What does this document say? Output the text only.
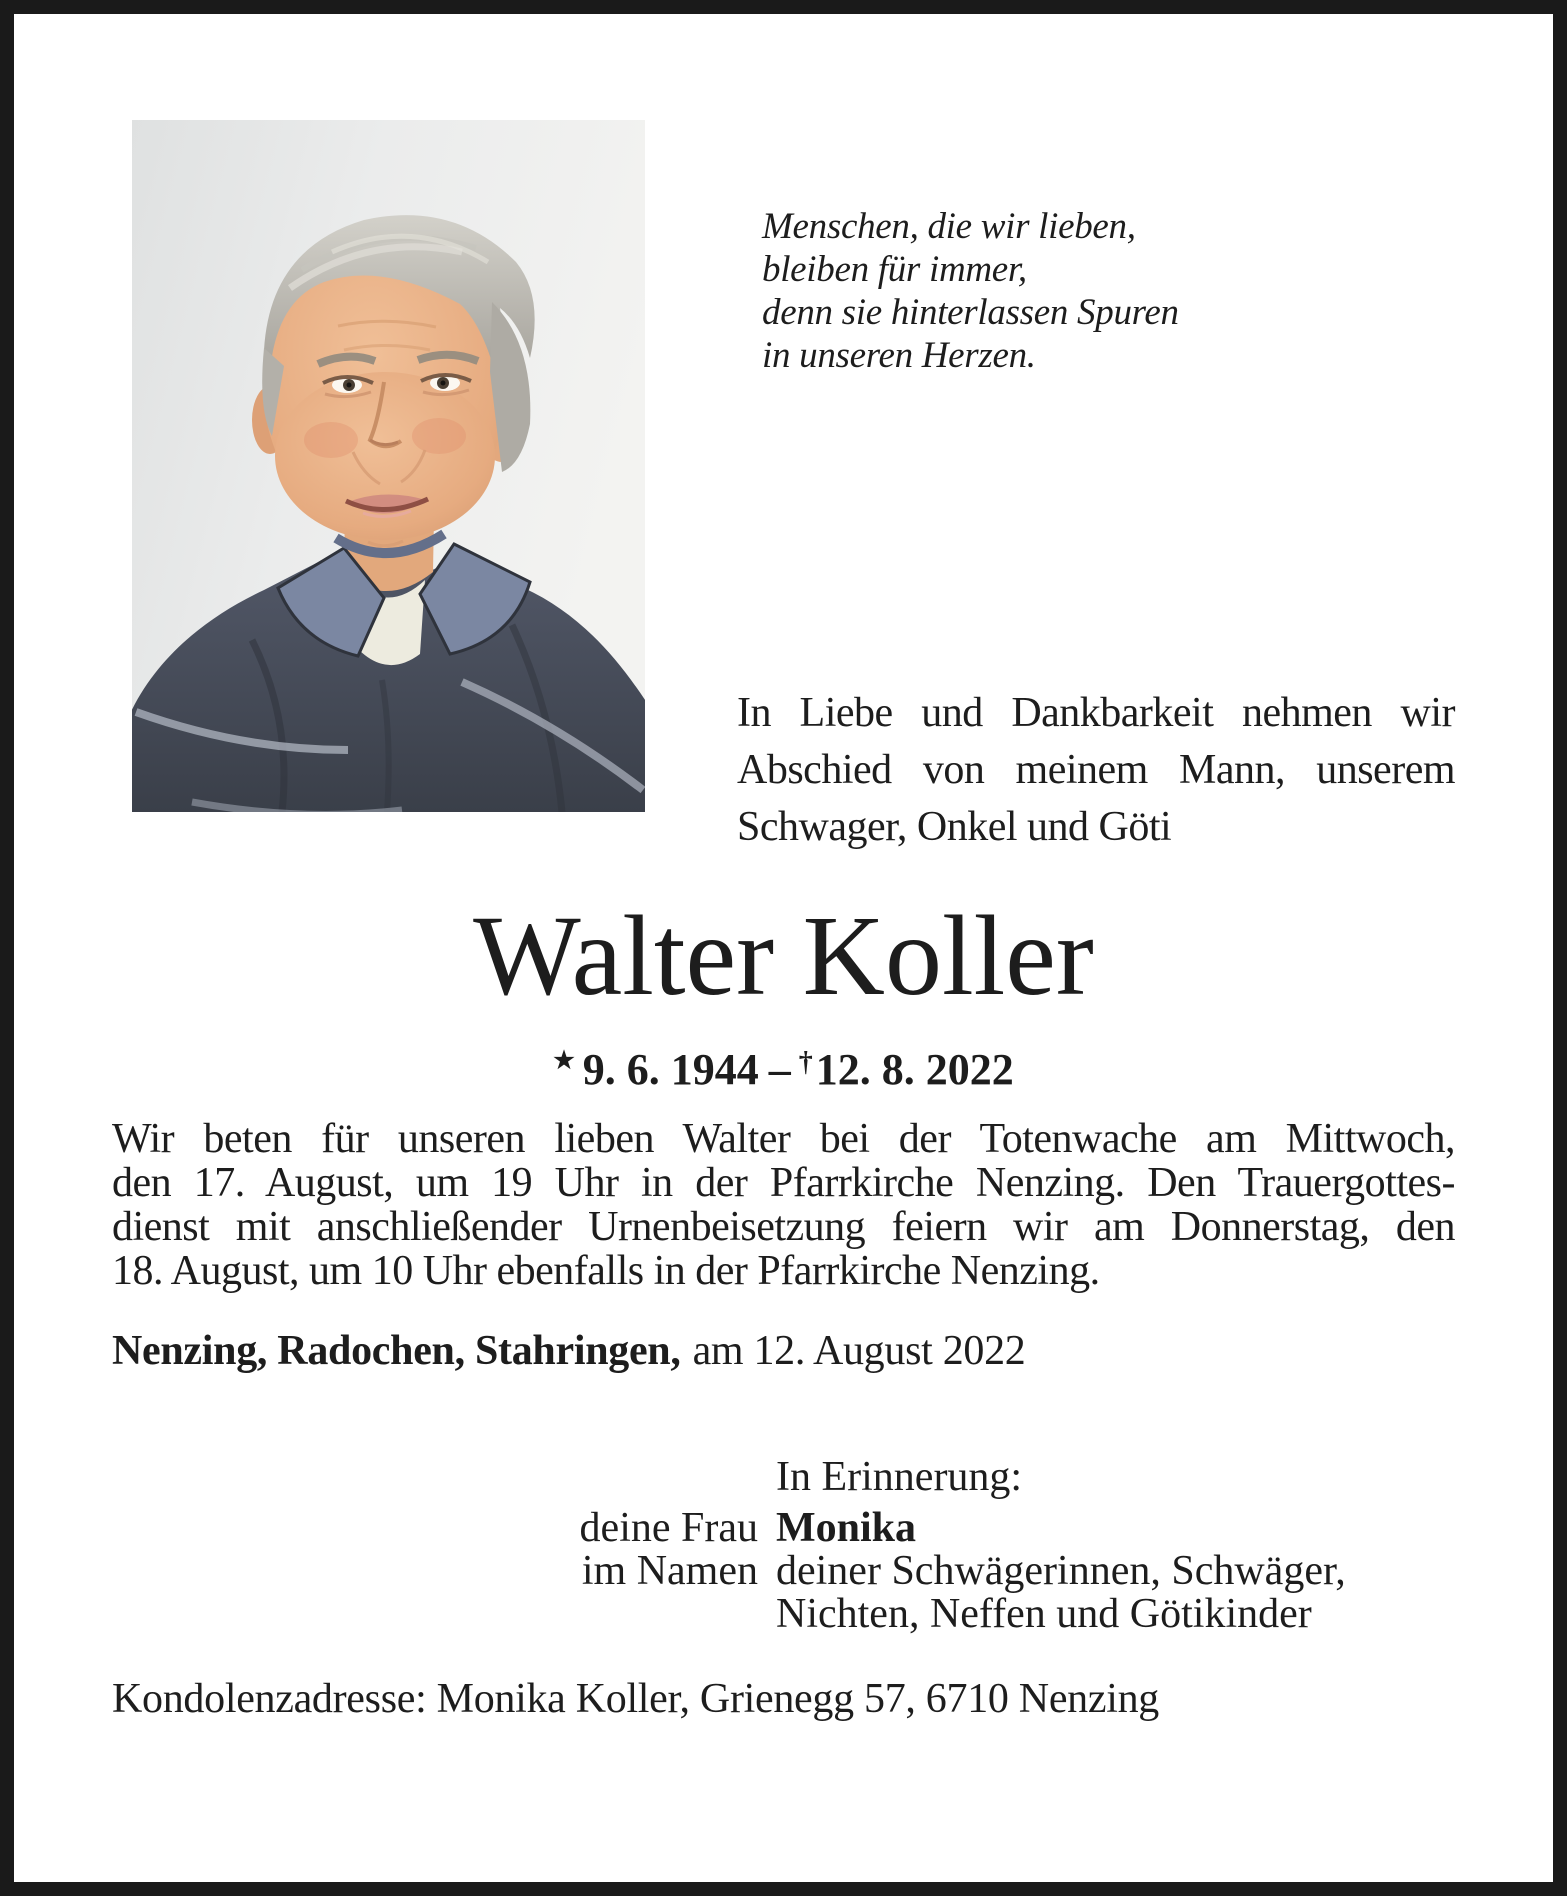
Menschen, die wir lieben,
bleiben für immer,
denn sie hinterlassen Spuren
in unseren Herzen.
In Liebe und Dankbarkeit nehmen wir
Abschied von meinem Mann, unserem
Schwager, Onkel und Göti
Walter Koller
★ 9. 6. 1944 – †12. 8. 2022
Wir beten für unseren lieben Walter bei der Totenwache am Mittwoch,
den 17. August, um 19 Uhr in der Pfarrkirche Nenzing. Den Trauergottes-
dienst mit anschließender Urnenbeisetzung feiern wir am Donnerstag, den
18. August, um 10 Uhr ebenfalls in der Pfarrkirche Nenzing.
Nenzing, Radochen, Stahringen, am 12. August 2022
In Erinnerung:
deine Frau Monika
im Namen deiner Schwägerinnen, Schwäger,
Nichten, Neffen und Götikinder
Kondolenzadresse: Monika Koller, Grienegg 57, 6710 Nenzing
